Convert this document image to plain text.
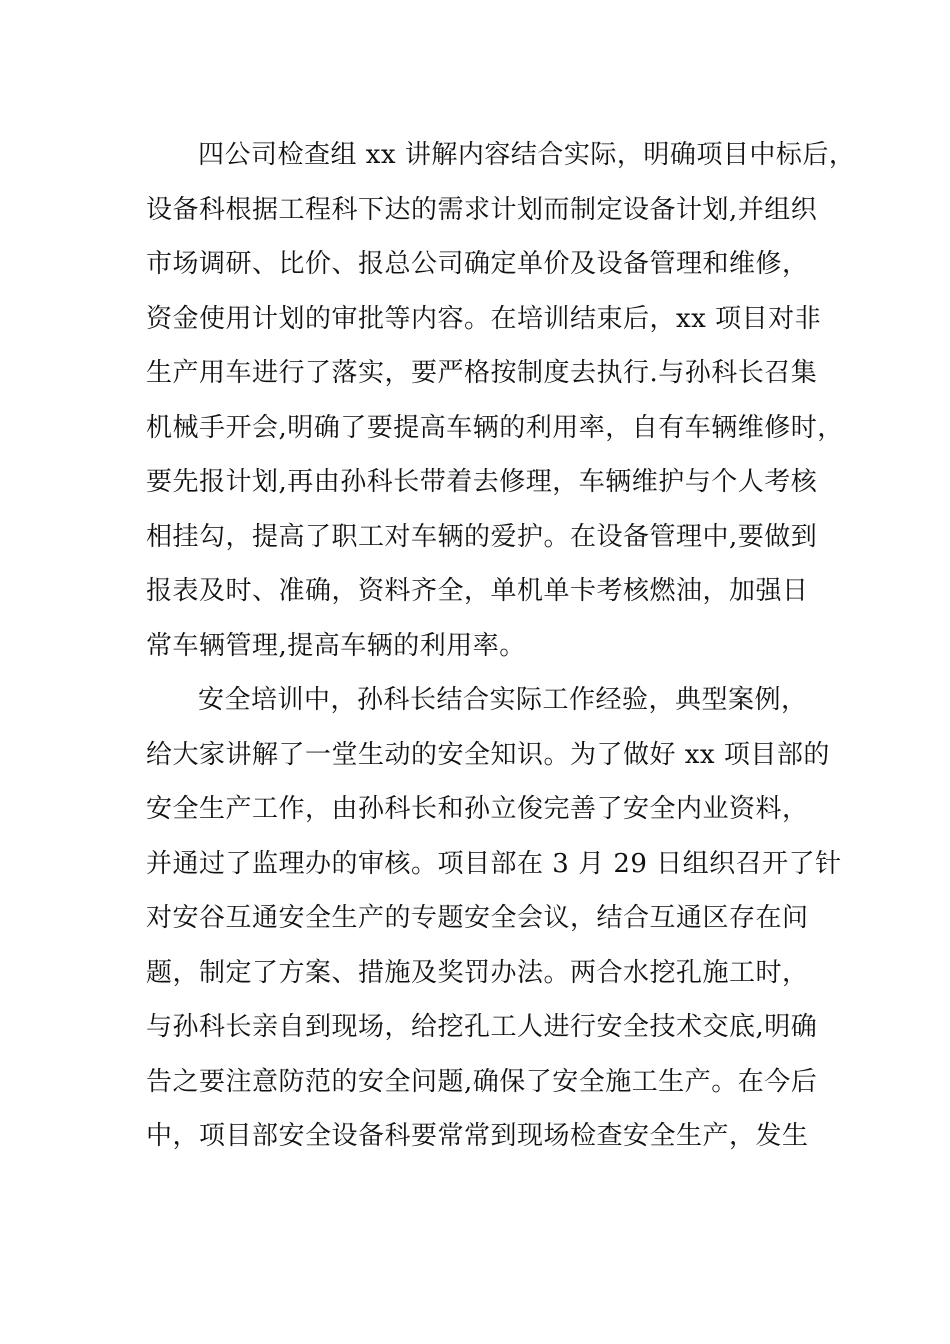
四公司检查组 xx 讲解内容结合实际，明确项目中标后，
设备科根据工程科下达的需求计划而制定设备计划,并组织
市场调研、比价、报总公司确定单价及设备管理和维修，
资金使用计划的审批等内容。在培训结束后，xx 项目对非
生产用车进行了落实，要严格按制度去执行.与孙科长召集
机械手开会,明确了要提高车辆的利用率，自有车辆维修时，
要先报计划,再由孙科长带着去修理，车辆维护与个人考核
相挂勾，提高了职工对车辆的爱护。在设备管理中,要做到
报表及时、准确，资料齐全，单机单卡考核燃油，加强日
常车辆管理,提高车辆的利用率。
安全培训中，孙科长结合实际工作经验，典型案例，
给大家讲解了一堂生动的安全知识。为了做好 xx 项目部的
安全生产工作，由孙科长和孙立俊完善了安全内业资料，
并通过了监理办的审核。项目部在 3 月 29 日组织召开了针
对安谷互通安全生产的专题安全会议，结合互通区存在问
题，制定了方案、措施及奖罚办法。两合水挖孔施工时，
与孙科长亲自到现场，给挖孔工人进行安全技术交底,明确
告之要注意防范的安全问题,确保了安全施工生产。在今后
中，项目部安全设备科要常常到现场检查安全生产，发生
